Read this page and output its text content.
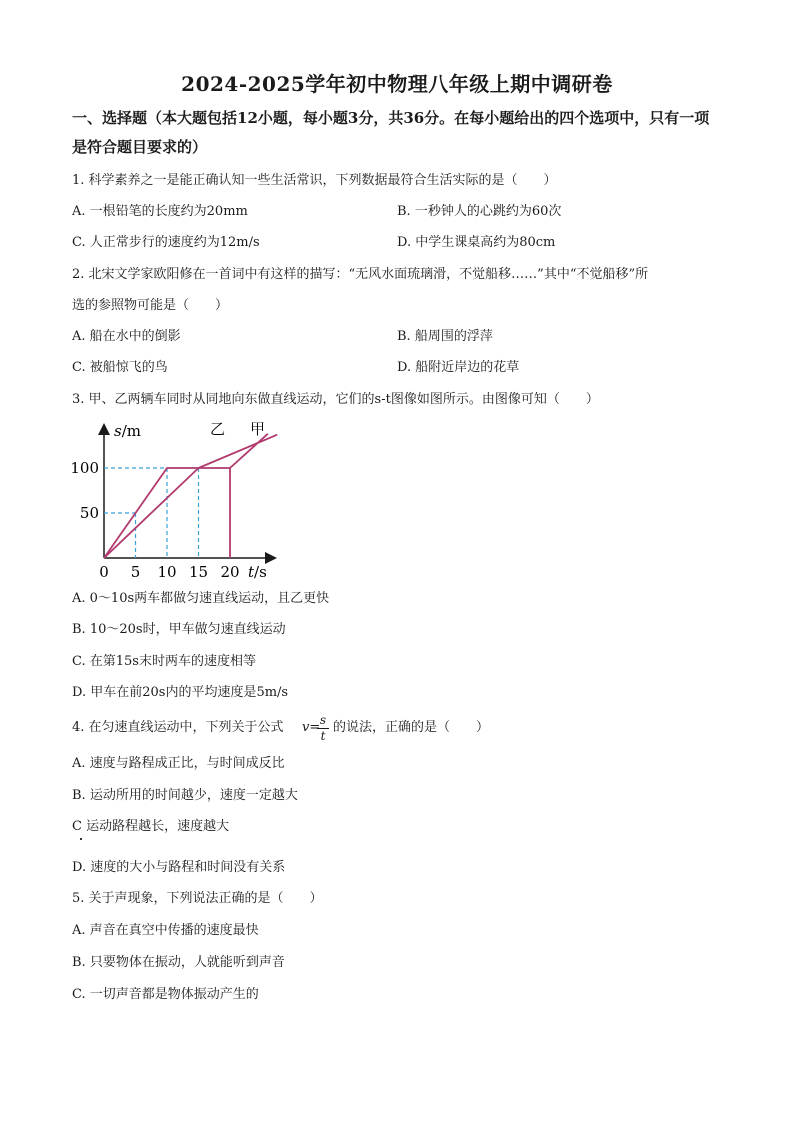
2024-2025学年初中物理八年级上期中调研卷
一、选择题（本大题包括12小题，每小题3分，共36分。在每小题给出的四个选项中，只有一项是符合题目要求的）
1. 科学素养之一是能正确认知一些生活常识，下列数据最符合生活实际的是（　　）
A. 一根铅笔的长度约为20mm	B. 一秒钟人的心跳约为60次
C. 人正常步行的速度约为12m/s	D. 中学生课桌高约为80cm
2. 北宋文学家欧阳修在一首词中有这样的描写：“无风水面琉璃滑，不觉船移……”其中“不觉船移”所
选的参照物可能是（　　）
A. 船在水中的倒影	B. 船周围的浮萍
C. 被船惊飞的鸟	D. 船附近岸边的花草
3. 甲、乙两辆车同时从同地向东做直线运动，它们的s-t图像如图所示。由图像可知（　　）
0 5 10 15 20
50
100
s/m
t/s
乙 甲
A. 0～10s两车都做匀速直线运动，且乙更快
B. 10～20s时，甲车做匀速直线运动
C. 在第15s末时两车的速度相等
D. 甲车在前20s内的平均速度是5m/s
4. 在匀速直线运动中，下列关于公式 v= s
t
的说法，正确的是（　　）
A. 速度与路程成正比，与时间成反比
B. 运动所用的时间越少，速度一定越大
C 运动路程越长，速度越大
D. 速度的大小与路程和时间没有关系
5. 关于声现象，下列说法正确的是（　　）
A. 声音在真空中传播的速度最快
B. 只要物体在振动，人就能听到声音
C. 一切声音都是物体振动产生的
